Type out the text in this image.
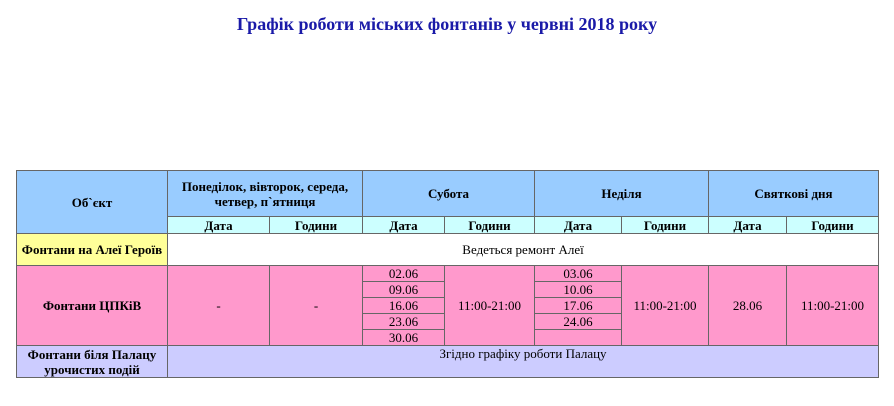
Графік роботи міських фонтанів у червні 2018 року
Об`єкт	Понеділок, вівторок, середа, четвер, п`ятниця		Субота		Неділя		Святкові дня	
	Дата	Години	Дата	Години	Дата	Години	Дата	Години
Фонтани на Алеї Героїв	Ведеться ремонт Алеї							
Фонтани ЦПКіВ	-	-	02.06	11:00-21:00	03.06	11:00-21:00	28.06	11:00-21:00
			09.06		10.06			
			16.06		17.06			
			23.06		24.06			
			30.06					
Фонтани біля Палацу урочистих подій	Згідно графіку роботи Палацу							
